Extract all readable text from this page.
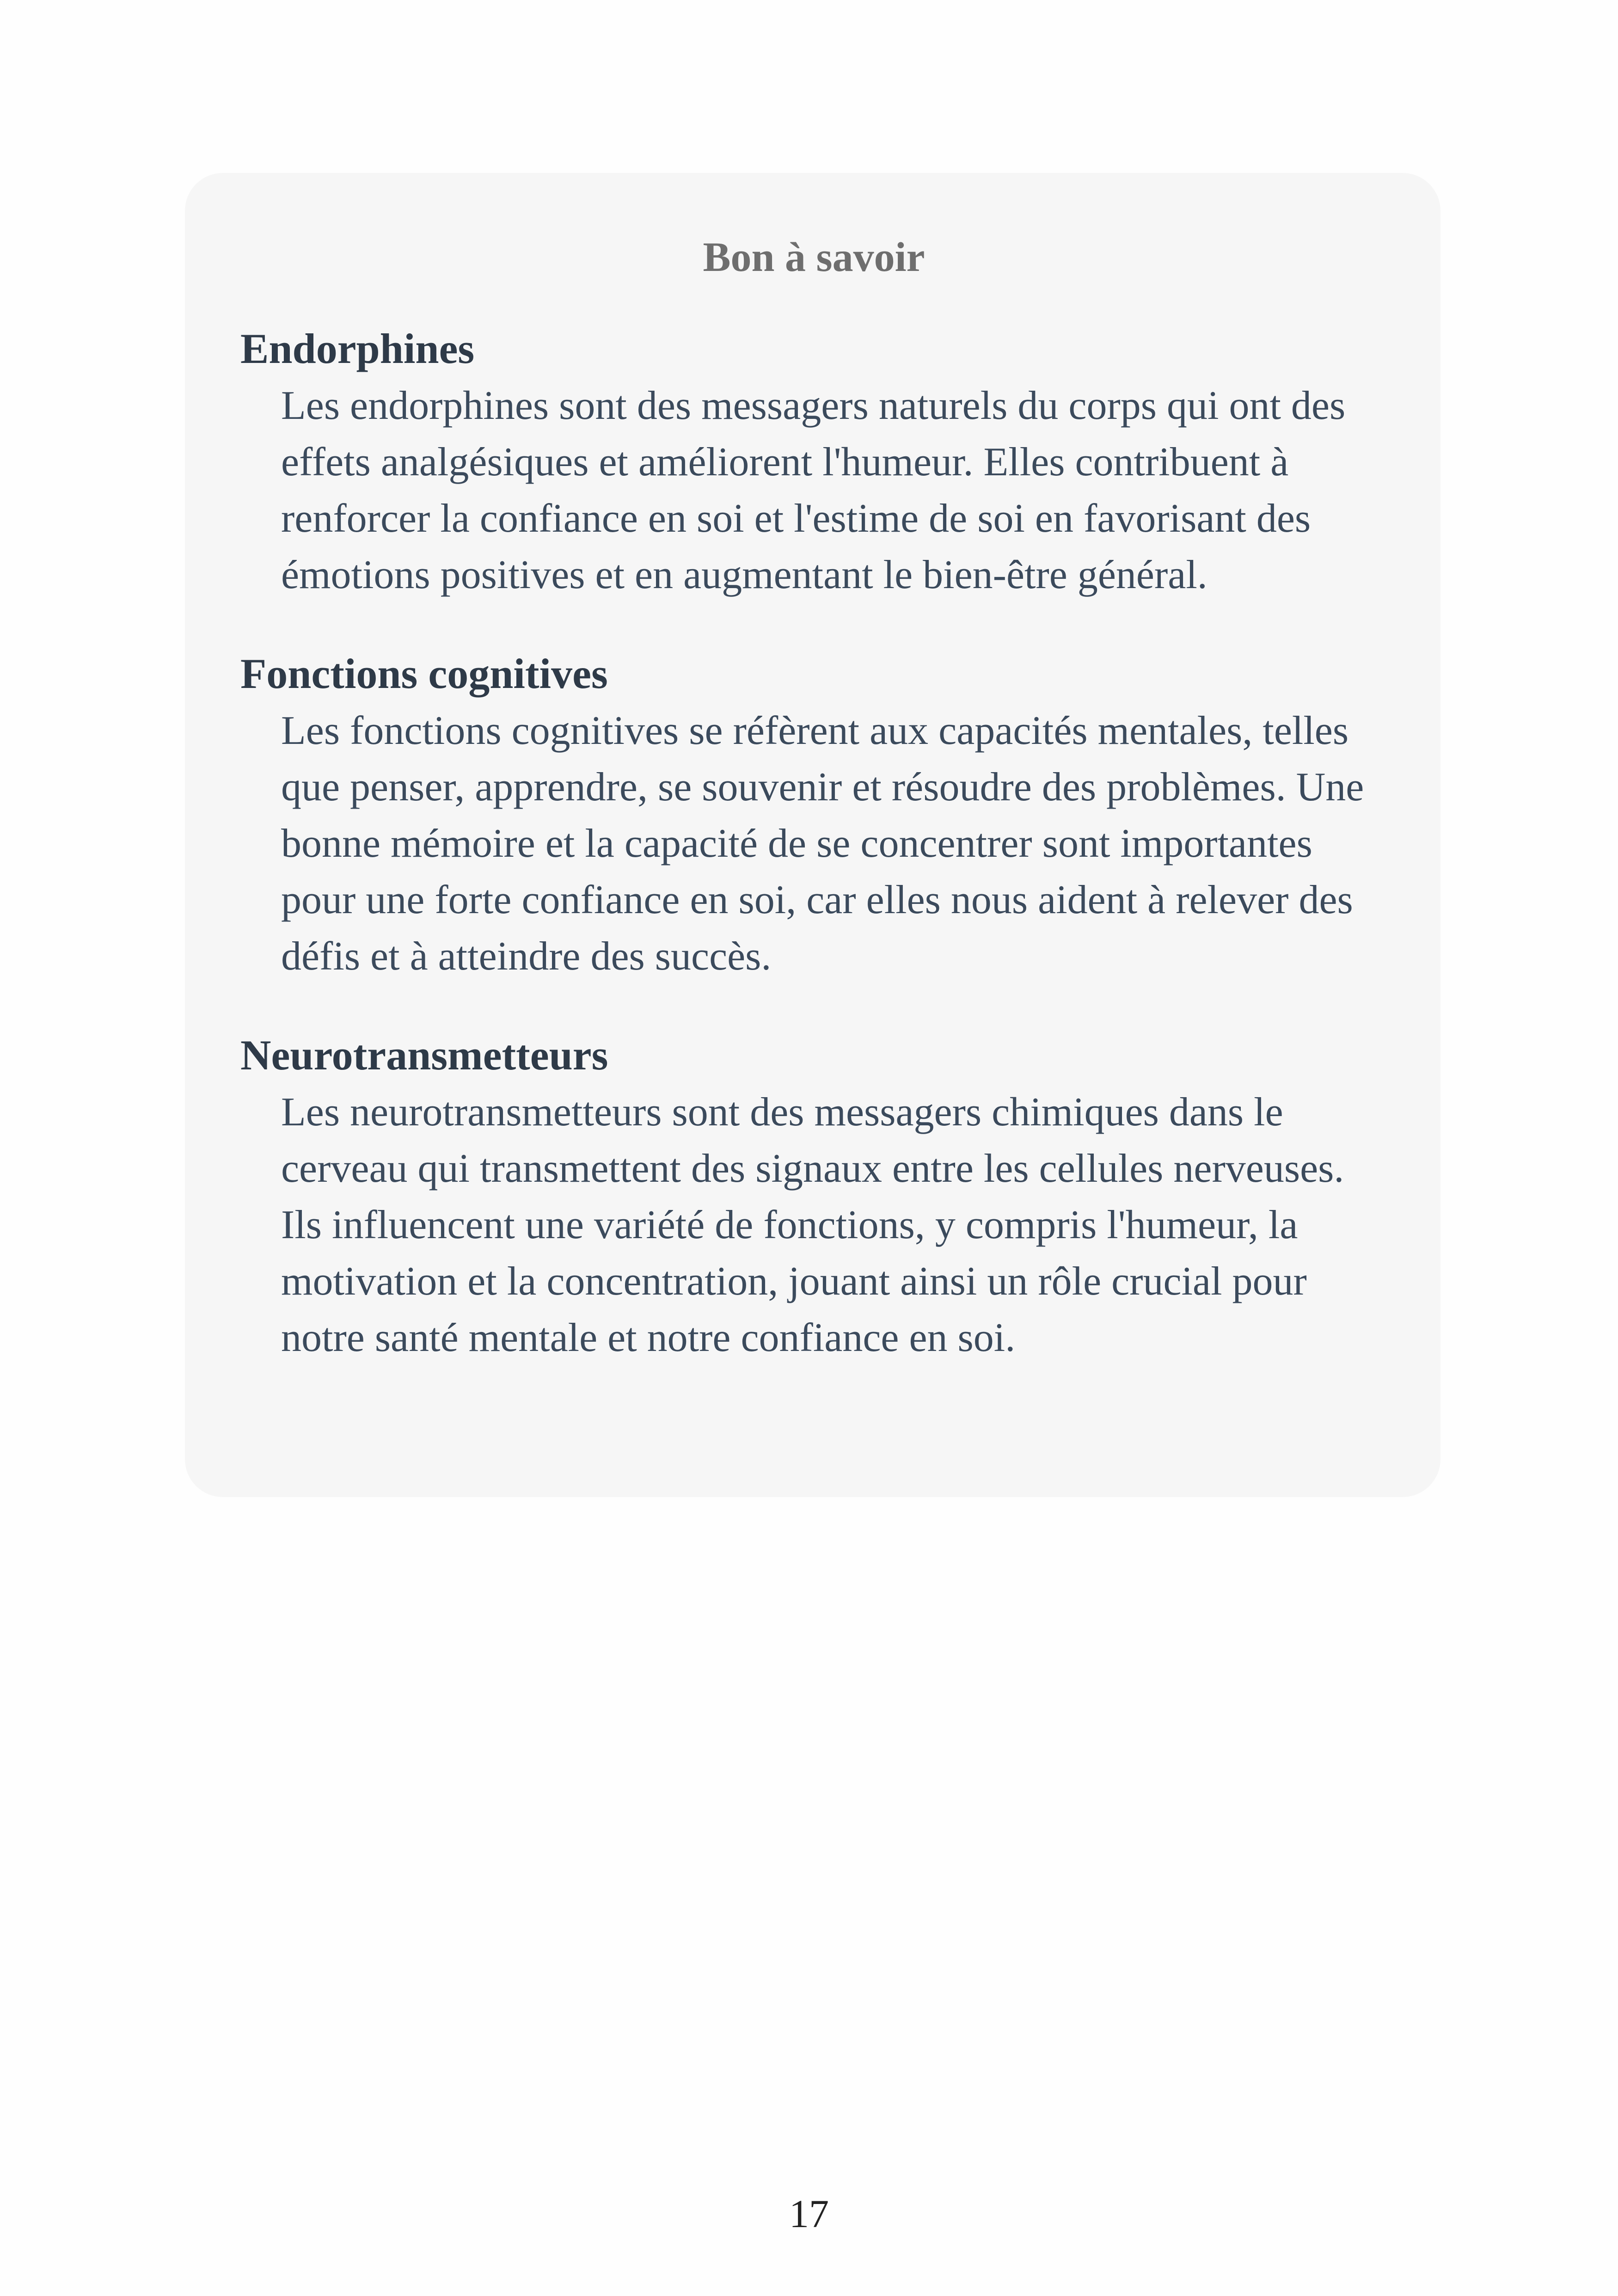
Bon à savoir

Endorphines

Les endorphines sont des messagers naturels du corps qui ont des effets analgésiques et améliorent l'humeur. Elles contribuent à renforcer la confiance en soi et l'estime de soi en favorisant des émotions positives et en augmentant le bien-être général.

Fonctions cognitives

Les fonctions cognitives se réfèrent aux capacités mentales, telles que penser, apprendre, se souvenir et résoudre des problèmes. Une bonne mémoire et la capacité de se concentrer sont importantes pour une forte confiance en soi, car elles nous aident à relever des défis et à atteindre des succès.

Neurotransmetteurs

Les neurotransmetteurs sont des messagers chimiques dans le cerveau qui transmettent des signaux entre les cellules nerveuses. Ils influencent une variété de fonctions, y compris l'humeur, la motivation et la concentration, jouant ainsi un rôle crucial pour notre santé mentale et notre confiance en soi.

17
